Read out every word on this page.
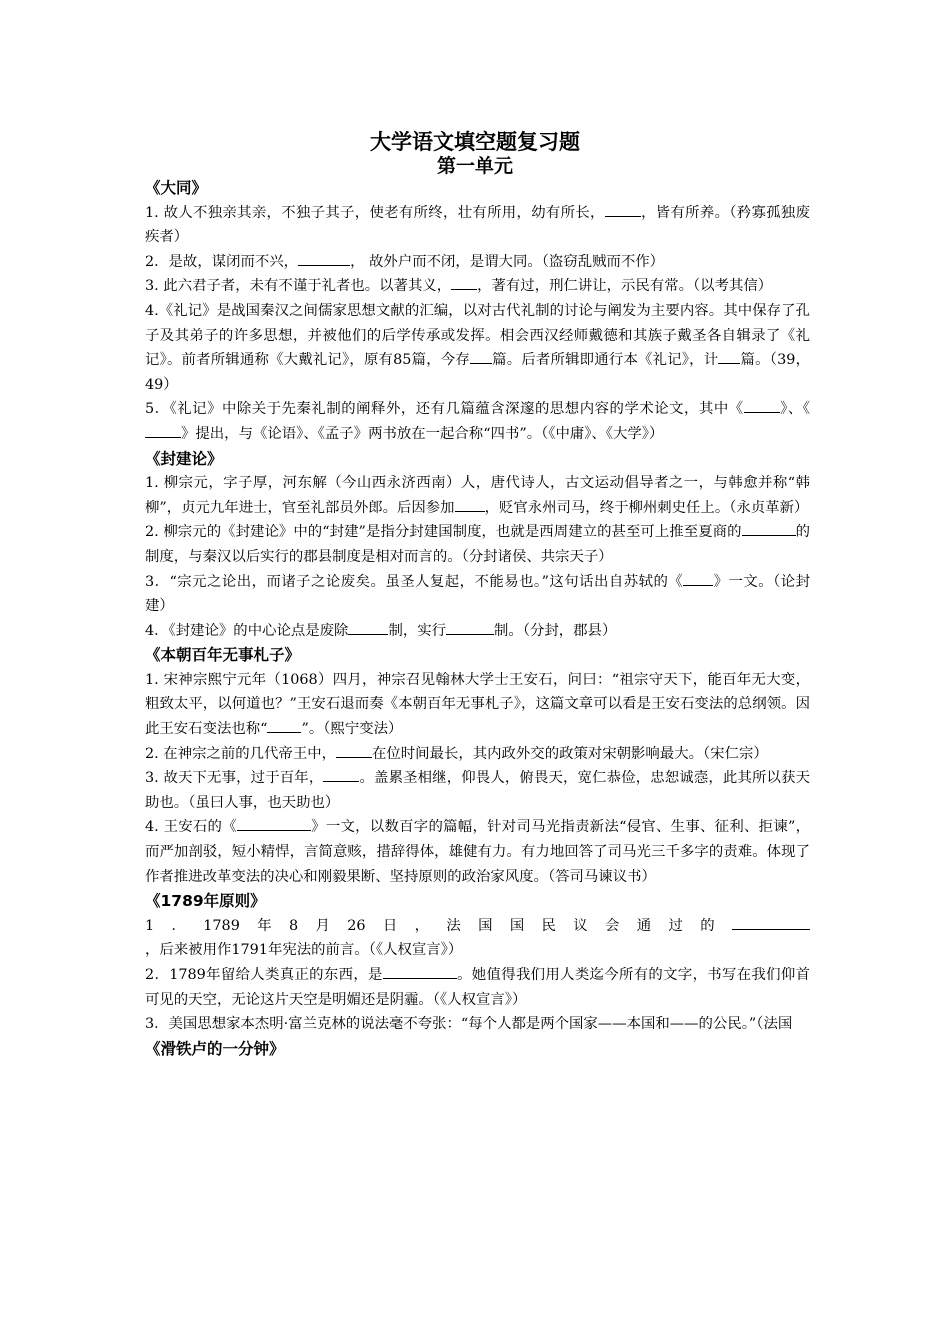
大学语文填空题复习题
第一单元

《大同》

1. 故人不独亲其亲，不独子其子，使老有所终，壮有所用，幼有所长，	，皆有所养。（矜寡孤独废疾者）

2．是故，谋闭而不兴，	， 故外户而不闭，是谓大同。（盗窃乱贼而不作）

3. 此六君子者，未有不谨于礼者也。以著其义， ，著有过，刑仁讲让，示民有常。（以考其信）

4.《礼记》是战国秦汉之间儒家思想文献的汇编，以对古代礼制的讨论与阐发为主要内容。其中保存了孔子及其弟子的许多思想，并被他们的后学传承或发挥。相会西汉经师戴德和其族子戴圣各自辑录了《礼记》。前者所辑通称《大戴礼记》，原有85篇，今存 篇。后者所辑即通行本《礼记》，计 篇。（39，49）

5．《礼记》中除关于先秦礼制的阐释外，还有几篇蕴含深邃的思想内容的学术论文，其中《	》、《》提出，与《论语》、《孟子》两书放在一起合称“四书”。（《中庸》、《大学》）

《封建论》

1. 柳宗元，字子厚，河东解（今山西永济西南）人，唐代诗人，古文运动倡导者之一，与韩愈并称“韩柳”，贞元九年进士，官至礼部员外郎。后因参加 ，贬官永州司马，终于柳州刺史任上。（永贞革新）

2. 柳宗元的《封建论》中的“封建”是指分封建国制度，也就是西周建立的甚至可上推至夏商的	的制度，与秦汉以后实行的郡县制度是相对而言的。（分封诸侯、共宗天子）

3．“宗元之论出，而诸子之论废矣。虽圣人复起，不能易也。”这句话出自苏轼的《 》一文。（论封建）

4．《封建论》的中心论点是废除	制，实行	制。（分封，郡县）

《本朝百年无事札子》

1. 宋神宗熙宁元年（1068）四月，神宗召见翰林大学士王安石，问曰：“祖宗守天下，能百年无大变，粗致太平，以何道也？”王安石退而奏《本朝百年无事札子》，这篇文章可以看是王安石变法的总纲领。因此王安石变法也称“ ”。（熙宁变法）

2. 在神宗之前的几代帝王中，	在位时间最长，其内政外交的政策对宋朝影响最大。（宋仁宗）

3. 故天下无事，过于百年，	。盖累圣相继，仰畏人，俯畏天，宽仁恭俭，忠恕诚悫，此其所以获天助也。（虽曰人事，也天助也）

4. 王安石的《	》一文，以数百字的篇幅，针对司马光指责新法“侵官、生事、征利、拒谏”，而严加剖驳，短小精悍，言简意赅，措辞得体，雄健有力。有力地回答了司马光三千多字的责难。体现了作者推进改革变法的决心和刚毅果断、坚持原则的政治家风度。（答司马谏议书）

《1789年原则》

1．1789年8月26日，法国国民议会通过的，后来被用作1791年宪法的前言。（《人权宣言》）

2．1789年留给人类真正的东西，是	。她值得我们用人类迄今所有的文字，书写在我们仰首可见的天空，无论这片天空是明媚还是阴霾。（《人权宣言》）

3．美国思想家本杰明·富兰克林的说法毫不夸张：“每个人都是两个国家——本国和——的公民。”（法国

《滑铁卢的一分钟》
